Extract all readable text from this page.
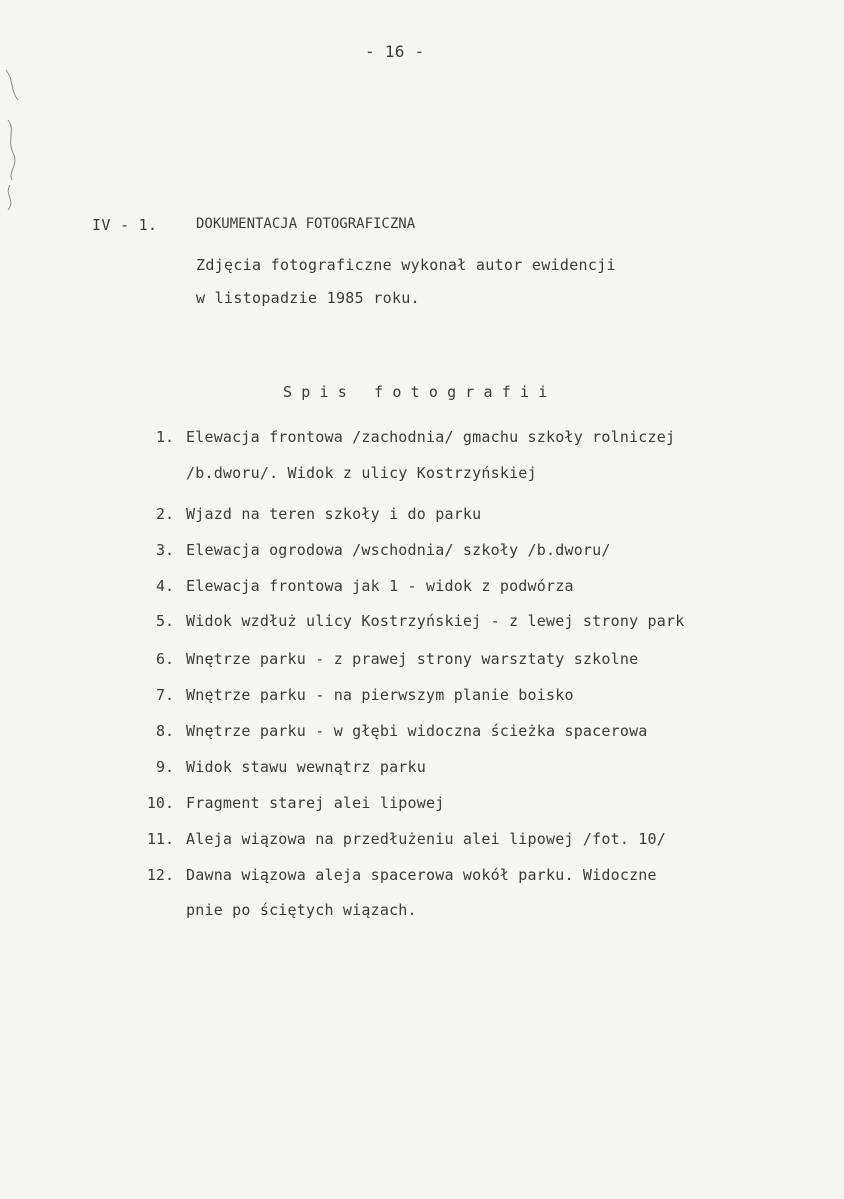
- 16 -
IV - 1.	DOKUMENTACJA FOTOGRAFICZNA
Zdjęcia fotograficzne wykonał autor ewidencji
w listopadzie 1985 roku.
Spis fotografii
1. Elewacja frontowa /zachodnia/ gmachu szkoły rolniczej
/b.dworu/. Widok z ulicy Kostrzyńskiej
2. Wjazd na teren szkoły i do parku
3. Elewacja ogrodowa /wschodnia/ szkoły /b.dworu/
4. Elewacja frontowa jak 1 - widok z podwórza
5. Widok wzdłuż ulicy Kostrzyńskiej - z lewej strony park
6. Wnętrze parku - z prawej strony warsztaty szkolne
7. Wnętrze parku - na pierwszym planie boisko
8. Wnętrze parku - w głębi widoczna ścieżka spacerowa
9. Widok stawu wewnątrz parku
10. Fragment starej alei lipowej
11. Aleja wiązowa na przedłużeniu alei lipowej /fot. 10/
12. Dawna wiązowa aleja spacerowa wokół parku. Widoczne
pnie po ściętych wiązach.
